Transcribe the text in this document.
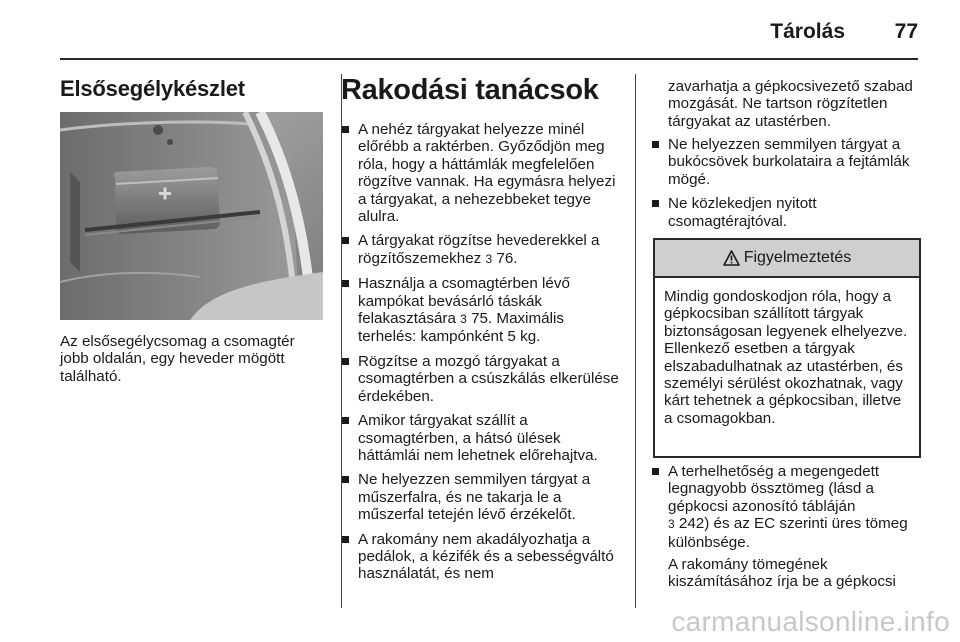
Tárolás	77
Elsősegélykészlet
Az elsősegélycsomag a csomagtér jobb oldalán, egy heveder mögött található.
Rakodási tanácsok

A nehéz tárgyakat helyezze minél előrébb a raktérben. Győződjön meg róla, hogy a háttámlák megfelelően rögzítve vannak. Ha egymásra helyezi a tárgyakat, a nehezebbeket tegye alulra.

A tárgyakat rögzítse hevederekkel a rögzítőszemekhez 3 76.

Használja a csomagtérben lévő kampókat bevásárló táskák felakasztására 3 75. Maximális terhelés: kampónként 5 kg.

Rögzítse a mozgó tárgyakat a csomagtérben a csúszkálás elkerülése érdekében.

Amikor tárgyakat szállít a csomagtérben, a hátsó ülések háttámlái nem lehetnek előrehajtva.

Ne helyezzen semmilyen tárgyat a műszerfalra, és ne takarja le a műszerfal tetején lévő érzékelőt.

A rakomány nem akadályozhatja a pedálok, a kézifék és a sebességváltó használatát, és nem

zavarhatja a gépkocsivezető szabad mozgását. Ne tartson rögzítetlen tárgyakat az utastérben.

Ne helyezzen semmilyen tárgyat a bukócsövek burkolataira a fejtámlák mögé.

Ne közlekedjen nyitott csomagtérajtóval.

Figyelmeztetés
Mindig gondoskodjon róla, hogy a gépkocsiban szállított tárgyak biztonságosan legyenek elhelyezve. Ellenkező esetben a tárgyak elszabadulhatnak az utastérben, és személyi sérülést okozhatnak, vagy kárt tehetnek a gépkocsiban, illetve a csomagokban.

A terhelhetőség a megengedett legnagyobb össztömeg (lásd a gépkocsi azonosító tábláján
3 242) és az EC szerinti üres tömeg különbsége.

A rakomány tömegének kiszámításához írja be a gépkocsi

carmanualsonline.info
